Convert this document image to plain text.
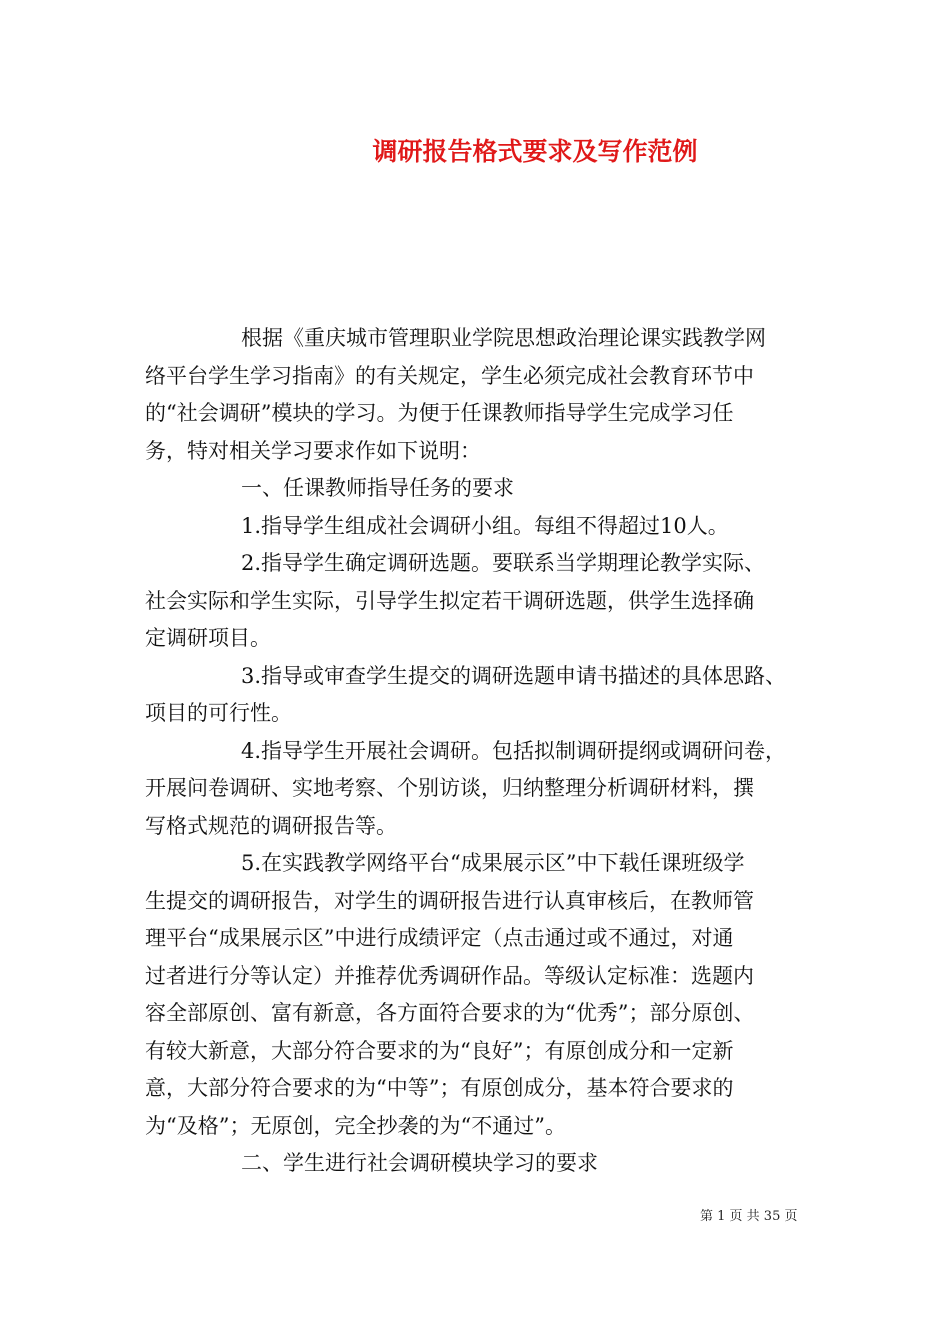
调研报告格式要求及写作范例
根据《重庆城市管理职业学院思想政治理论课实践教学网
络平台学生学习指南》的有关规定，学生必须完成社会教育环节中
的“社会调研”模块的学习。为便于任课教师指导学生完成学习任
务，特对相关学习要求作如下说明：
一、任课教师指导任务的要求
1.指导学生组成社会调研小组。每组不得超过10人。
2.指导学生确定调研选题。要联系当学期理论教学实际、
社会实际和学生实际，引导学生拟定若干调研选题，供学生选择确
定调研项目。
3.指导或审查学生提交的调研选题申请书描述的具体思路、
项目的可行性。
4.指导学生开展社会调研。包括拟制调研提纲或调研问卷，
开展问卷调研、实地考察、个别访谈，归纳整理分析调研材料，撰
写格式规范的调研报告等。
5.在实践教学网络平台“成果展示区”中下载任课班级学
生提交的调研报告，对学生的调研报告进行认真审核后，在教师管
理平台“成果展示区”中进行成绩评定（点击通过或不通过，对通
过者进行分等认定）并推荐优秀调研作品。等级认定标准：选题内
容全部原创、富有新意，各方面符合要求的为“优秀”；部分原创、
有较大新意，大部分符合要求的为“良好”；有原创成分和一定新
意，大部分符合要求的为“中等”；有原创成分，基本符合要求的
为“及格”；无原创，完全抄袭的为“不通过”。
二、学生进行社会调研模块学习的要求
第 1 页 共 35 页
